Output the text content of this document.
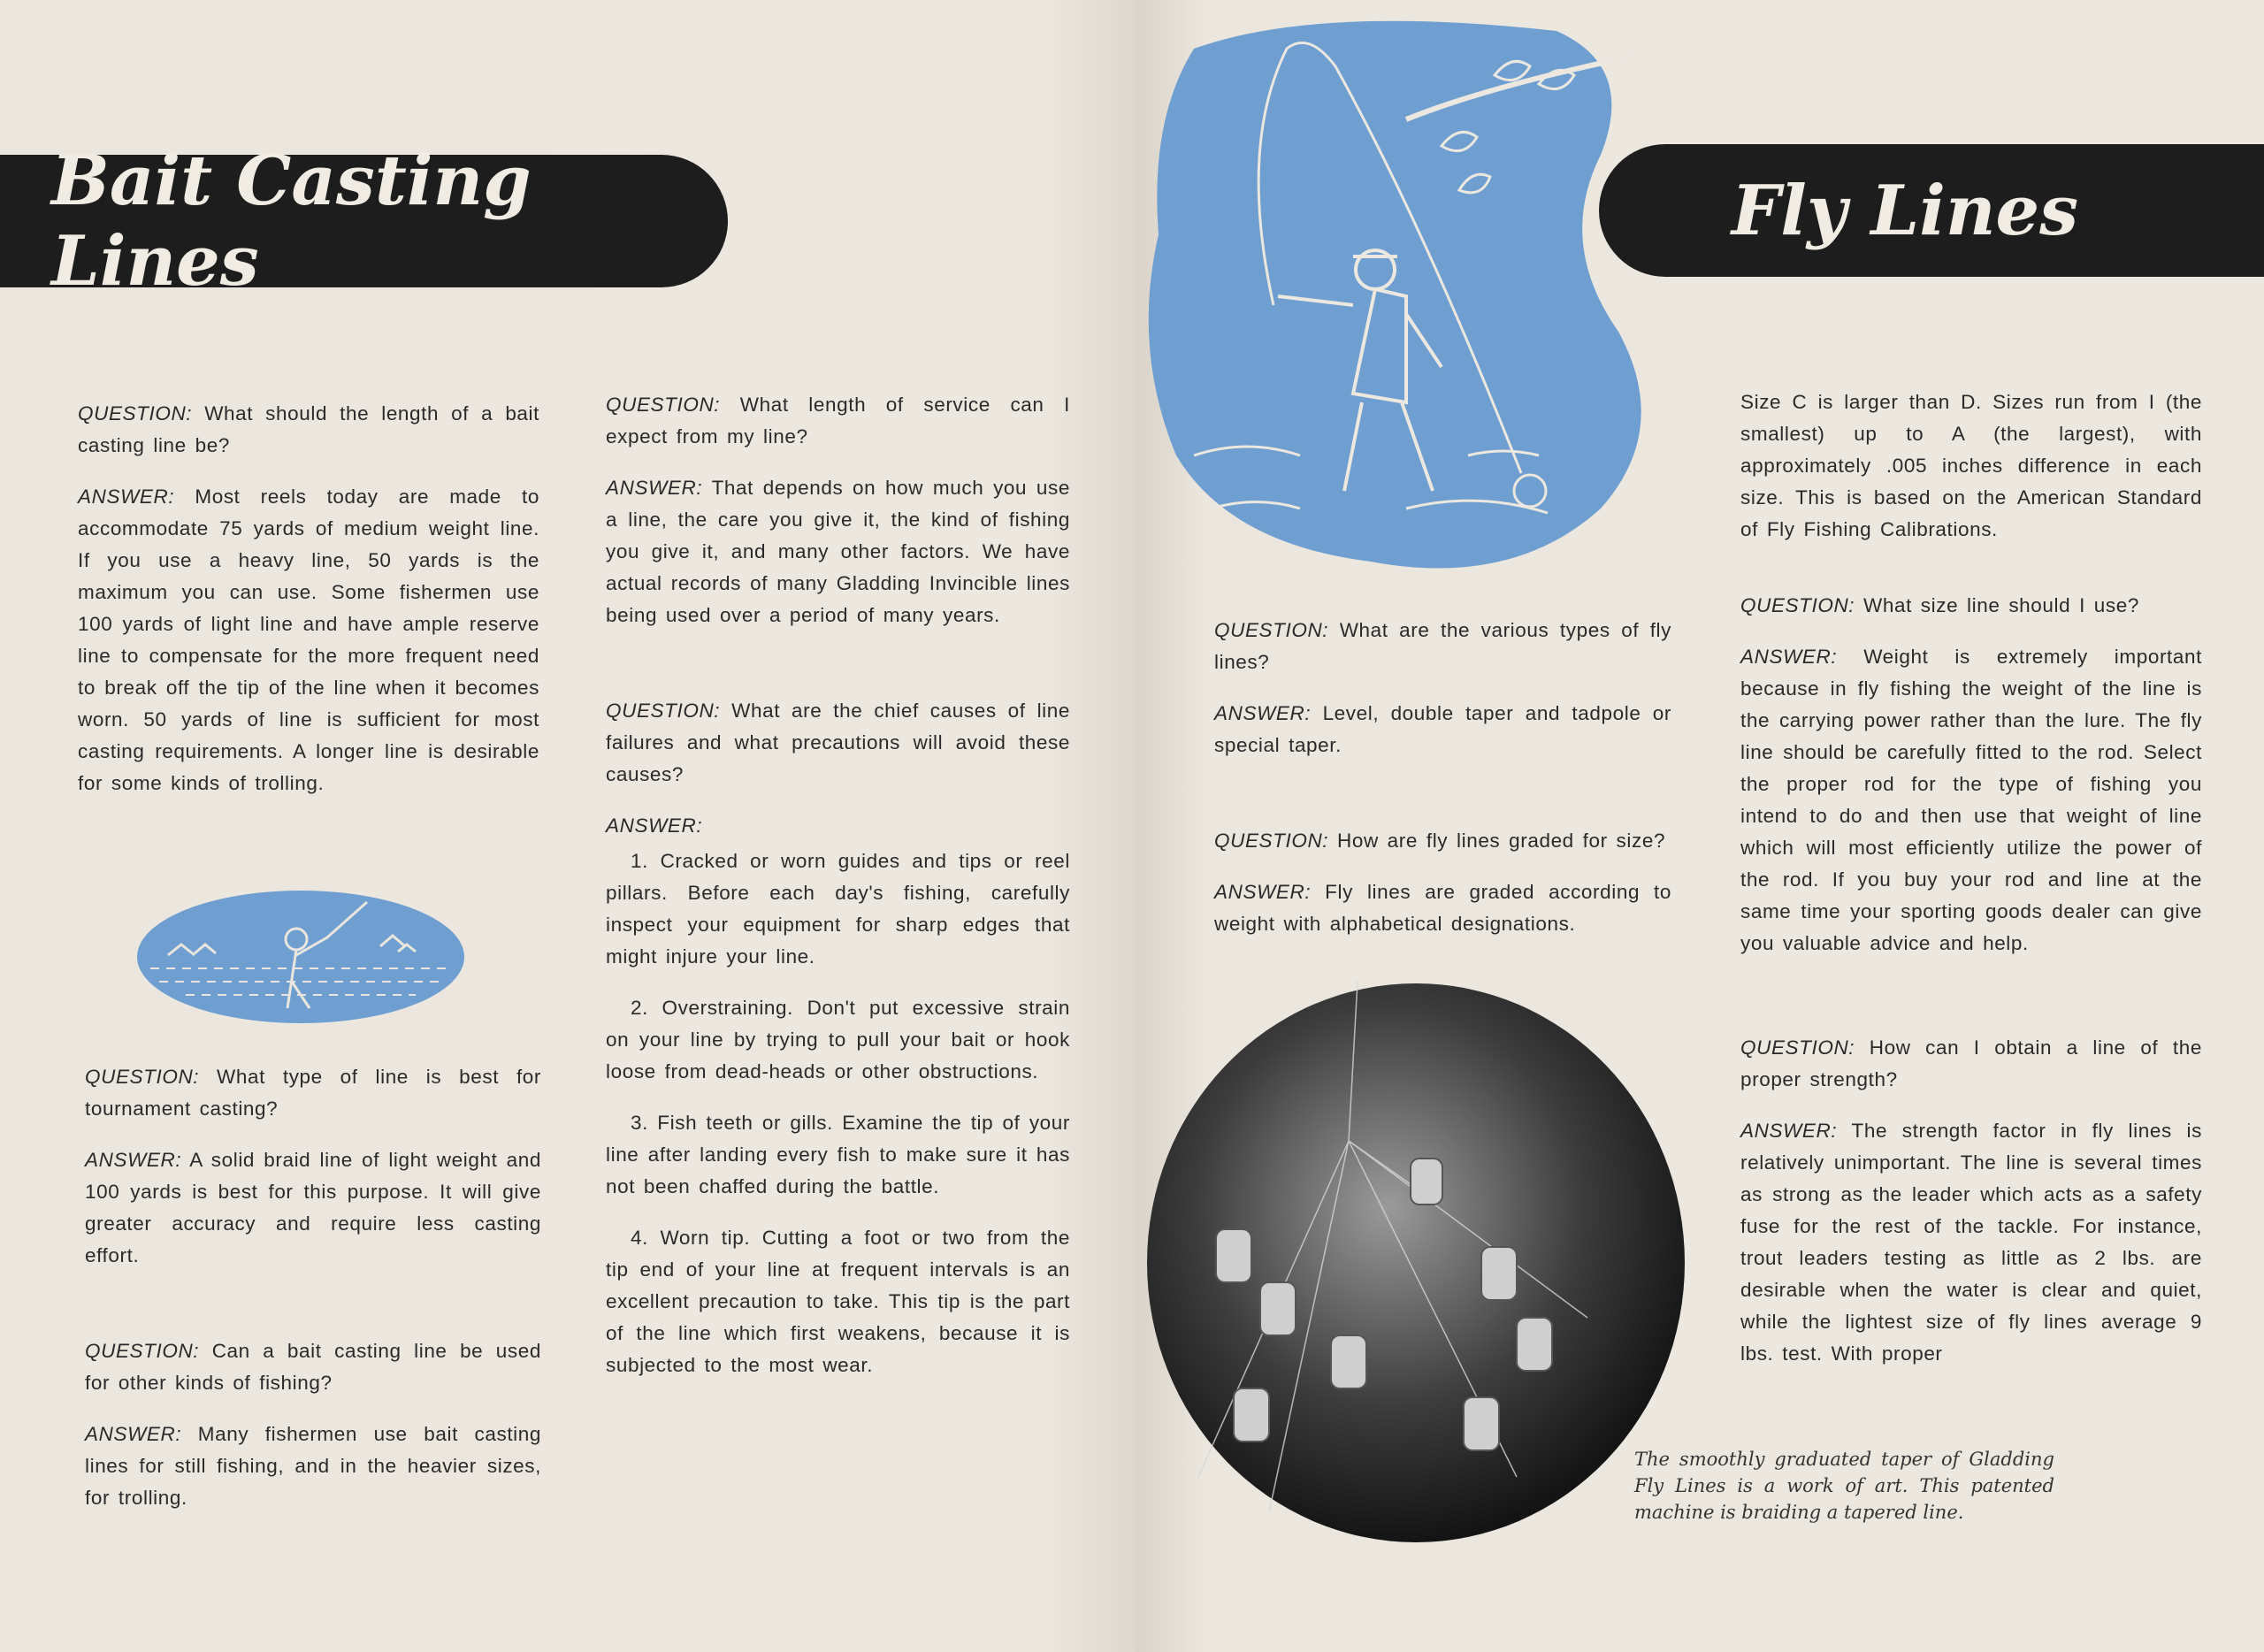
Bait Casting Lines
Fly Lines

QUESTION: What should the length of a bait casting line be?

ANSWER: Most reels today are made to accommodate 75 yards of medium weight line. If you use a heavy line, 50 yards is the maximum you can use. Some fishermen use 100 yards of light line and have ample reserve line to compensate for the more frequent need to break off the tip of the line when it becomes worn. 50 yards of line is sufficient for most casting requirements. A longer line is desirable for some kinds of trolling.

QUESTION: What type of line is best for tournament casting?

ANSWER: A solid braid line of light weight and 100 yards is best for this purpose. It will give greater accuracy and require less casting effort.

QUESTION: Can a bait casting line be used for other kinds of fishing?

ANSWER: Many fishermen use bait casting lines for still fishing, and in the heavier sizes, for trolling.

QUESTION: What length of service can I expect from my line?

ANSWER: That depends on how much you use a line, the care you give it, the kind of fishing you give it, and many other factors. We have actual records of many Gladding Invincible lines being used over a period of many years.

QUESTION: What are the chief causes of line failures and what precautions will avoid these causes?

ANSWER:

1. Cracked or worn guides and tips or reel pillars. Before each day's fishing, carefully inspect your equipment for sharp edges that might injure your line.

2. Overstraining. Don't put excessive strain on your line by trying to pull your bait or hook loose from dead-heads or other obstructions.

3. Fish teeth or gills. Examine the tip of your line after landing every fish to make sure it has not been chaffed during the battle.

4. Worn tip. Cutting a foot or two from the tip end of your line at frequent intervals is an excellent precaution to take. This tip is the part of the line which first weakens, because it is subjected to the most wear.

QUESTION: What are the various types of fly lines?

ANSWER: Level, double taper and tadpole or special taper.

QUESTION: How are fly lines graded for size?

ANSWER: Fly lines are graded according to weight with alphabetical designations.

The smoothly graduated taper of Gladding Fly Lines is a work of art. This patented machine is braiding a tapered line.

Size C is larger than D. Sizes run from I (the smallest) up to A (the largest), with approximately .005 inches difference in each size. This is based on the American Standard of Fly Fishing Calibrations.

QUESTION: What size line should I use?

ANSWER: Weight is extremely important because in fly fishing the weight of the line is the carrying power rather than the lure. The fly line should be carefully fitted to the rod. Select the proper rod for the type of fishing you intend to do and then use that weight of line which will most efficiently utilize the power of the rod. If you buy your rod and line at the same time your sporting goods dealer can give you valuable advice and help.

QUESTION: How can I obtain a line of the proper strength?

ANSWER: The strength factor in fly lines is relatively unimportant. The line is several times as strong as the leader which acts as a safety fuse for the rest of the tackle. For instance, trout leaders testing as little as 2 lbs. are desirable when the water is clear and quiet, while the lightest size of fly lines average 9 lbs. test. With proper
